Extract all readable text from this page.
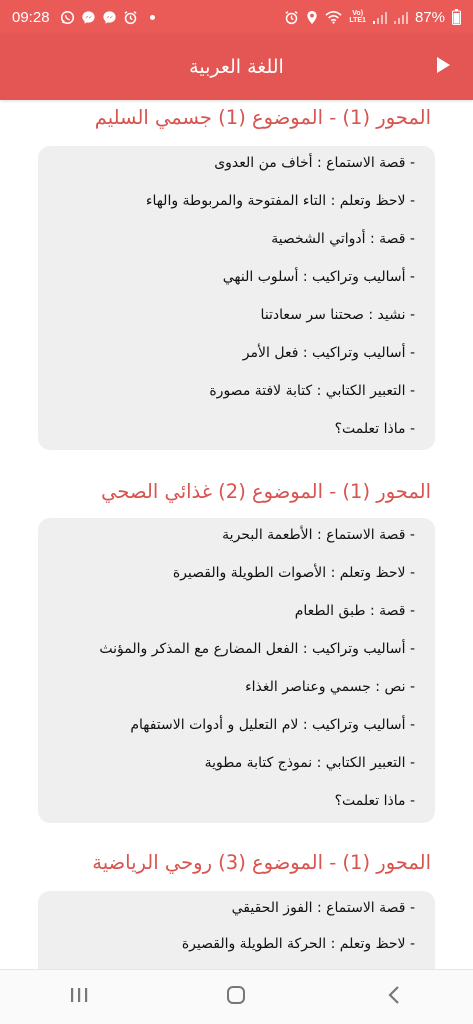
09:28	Vo)
LTE1	87%
اللغة العربية
المحور (1) - الموضوع (1) جسمي السليم
- قصة الاستماع : أخاف من العدوى
- لاحظ وتعلم : التاء المفتوحة والمربوطة والهاء
- قصة : أدواتي الشخصية
- أساليب وتراكيب : أسلوب النهي
- نشيد : صحتنا سر سعادتنا
- أساليب وتراكيب : فعل الأمر
- التعبير الكتابي : كتابة لافتة مصورة
- ماذا تعلمت؟
المحور (1) - الموضوع (2) غذائي الصحي
- قصة الاستماع : الأطعمة البحرية
- لاحظ وتعلم : الأصوات الطويلة والقصيرة
- قصة : طبق الطعام
- أساليب وتراكيب : الفعل المضارع مع المذكر والمؤنث
- نص : جسمي وعناصر الغذاء
- أساليب وتراكيب : لام التعليل و أدوات الاستفهام
- التعبير الكتابي : نموذج كتابة مطوية
- ماذا تعلمت؟
المحور (1) - الموضوع (3) روحي الرياضية
- قصة الاستماع : الفوز الحقيقي
- لاحظ وتعلم : الحركة الطويلة والقصيرة
